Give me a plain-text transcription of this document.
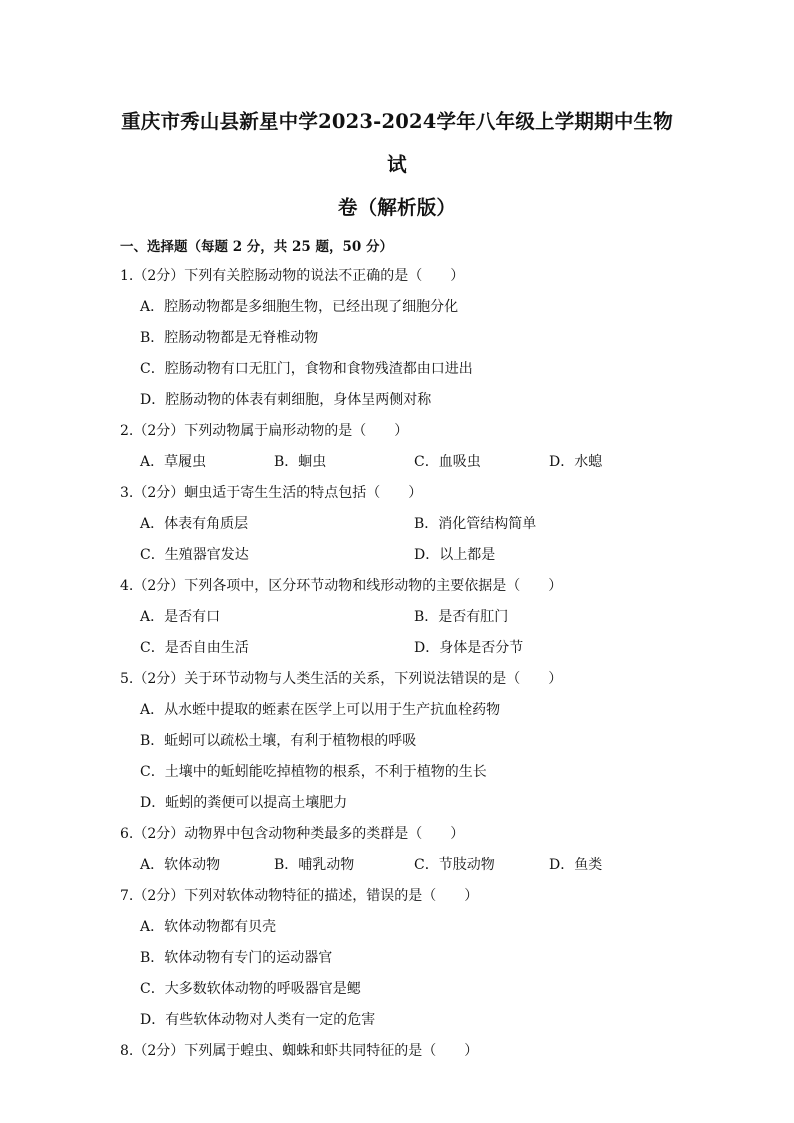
重庆市秀山县新星中学2023-2024学年八年级上学期期中生物试
卷（解析版）
一、选择题（每题 2 分，共 25 题，50 分）
1.（2分）下列有关腔肠动物的说法不正确的是（　　）
A．腔肠动物都是多细胞生物，已经出现了细胞分化
B．腔肠动物都是无脊椎动物
C．腔肠动物有口无肛门，食物和食物残渣都由口进出
D．腔肠动物的体表有刺细胞，身体呈两侧对称
2.（2分）下列动物属于扁形动物的是（　　）
A．草履虫	B．蛔虫	C．血吸虫	D．水螅
3.（2分）蛔虫适于寄生生活的特点包括（　　）
A．体表有角质层	B．消化管结构简单
C．生殖器官发达	D．以上都是
4.（2分）下列各项中，区分环节动物和线形动物的主要依据是（　　）
A．是否有口	B．是否有肛门
C．是否自由生活	D．身体是否分节
5.（2分）关于环节动物与人类生活的关系，下列说法错误的是（　　）
A．从水蛭中提取的蛭素在医学上可以用于生产抗血栓药物
B．蚯蚓可以疏松土壤，有利于植物根的呼吸
C．土壤中的蚯蚓能吃掉植物的根系，不利于植物的生长
D．蚯蚓的粪便可以提高土壤肥力
6.（2分）动物界中包含动物种类最多的类群是（　　）
A．软体动物	B．哺乳动物	C．节肢动物	D．鱼类
7.（2分）下列对软体动物特征的描述，错误的是（　　）
A．软体动物都有贝壳
B．软体动物有专门的运动器官
C．大多数软体动物的呼吸器官是鳃
D．有些软体动物对人类有一定的危害
8.（2分）下列属于蝗虫、蜘蛛和虾共同特征的是（　　）
